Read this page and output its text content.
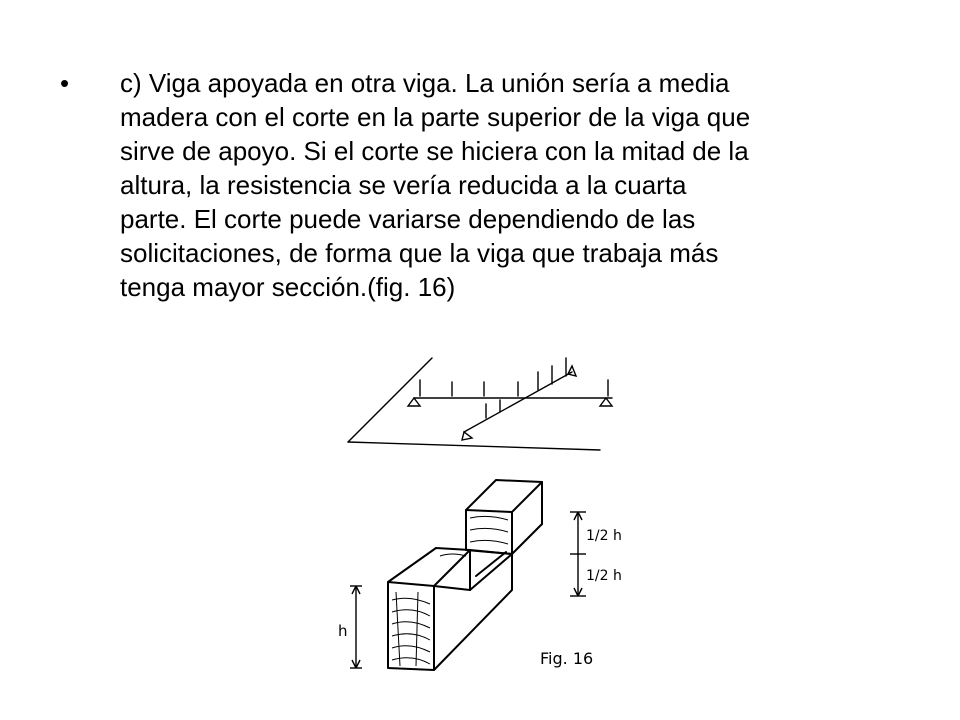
• c) Viga apoyada en otra viga. La unión sería a media
madera con el corte en la parte superior de la viga que
sirve de apoyo. Si el corte se hiciera con la mitad de la
altura, la resistencia se vería reducida a la cuarta
parte. El corte puede variarse dependiendo de las
solicitaciones, de forma que la viga que trabaja más
tenga mayor sección.(fig. 16)
1/2 h
1/2 h
h
Fig. 16
